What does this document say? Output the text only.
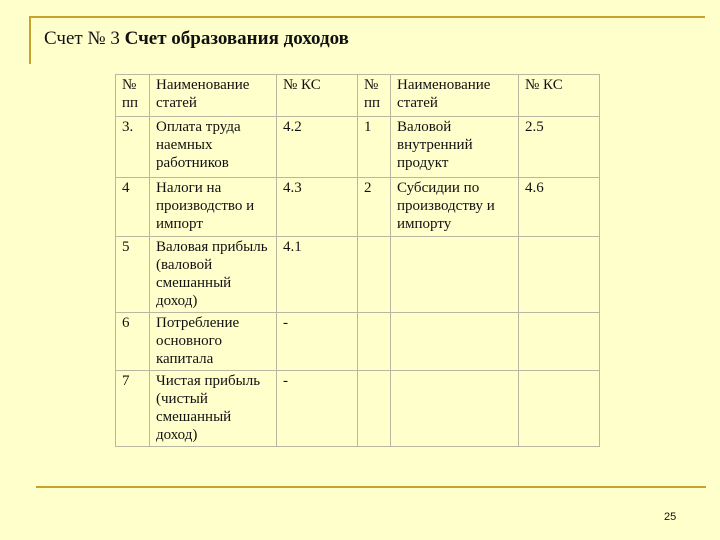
Счет № 3 Счет образования доходов
№ пп	Наименование статей	№ КС	№ пп	Наименование статей	№ КС
3.	Оплата труда наемных работников	4.2	1	Валовой внутренний продукт	2.5
4	Налоги на производство и импорт	4.3	2	Субсидии по производству и импорту	4.6
5	Валовая прибыль (валовой смешанный доход)	4.1			
6	Потребление основного капитала	-			
7	Чистая прибыль (чистый смешанный доход)	-			
25
